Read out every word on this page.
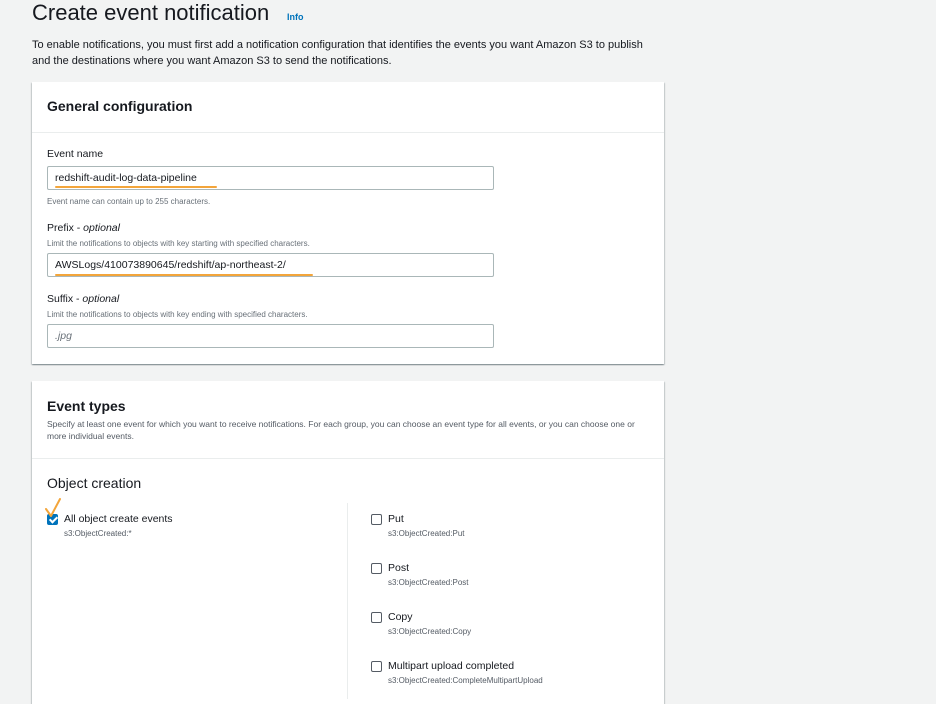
Create event notification Info
To enable notifications, you must first add a notification configuration that identifies the events you want Amazon S3 to publish and the destinations where you want Amazon S3 to send the notifications.
General configuration
Event name
redshift-audit-log-data-pipeline
Event name can contain up to 255 characters.
Prefix - optional
Limit the notifications to objects with key starting with specified characters.
AWSLogs/410073890645/redshift/ap-northeast-2/
Suffix - optional
Limit the notifications to objects with key ending with specified characters.
.jpg
Event types
Specify at least one event for which you want to receive notifications. For each group, you can choose an event type for all events, or you can choose one or more individual events.
Object creation
All object create events
s3:ObjectCreated:*
Put
s3:ObjectCreated:Put
Post
s3:ObjectCreated:Post
Copy
s3:ObjectCreated:Copy
Multipart upload completed
s3:ObjectCreated:CompleteMultipartUpload
